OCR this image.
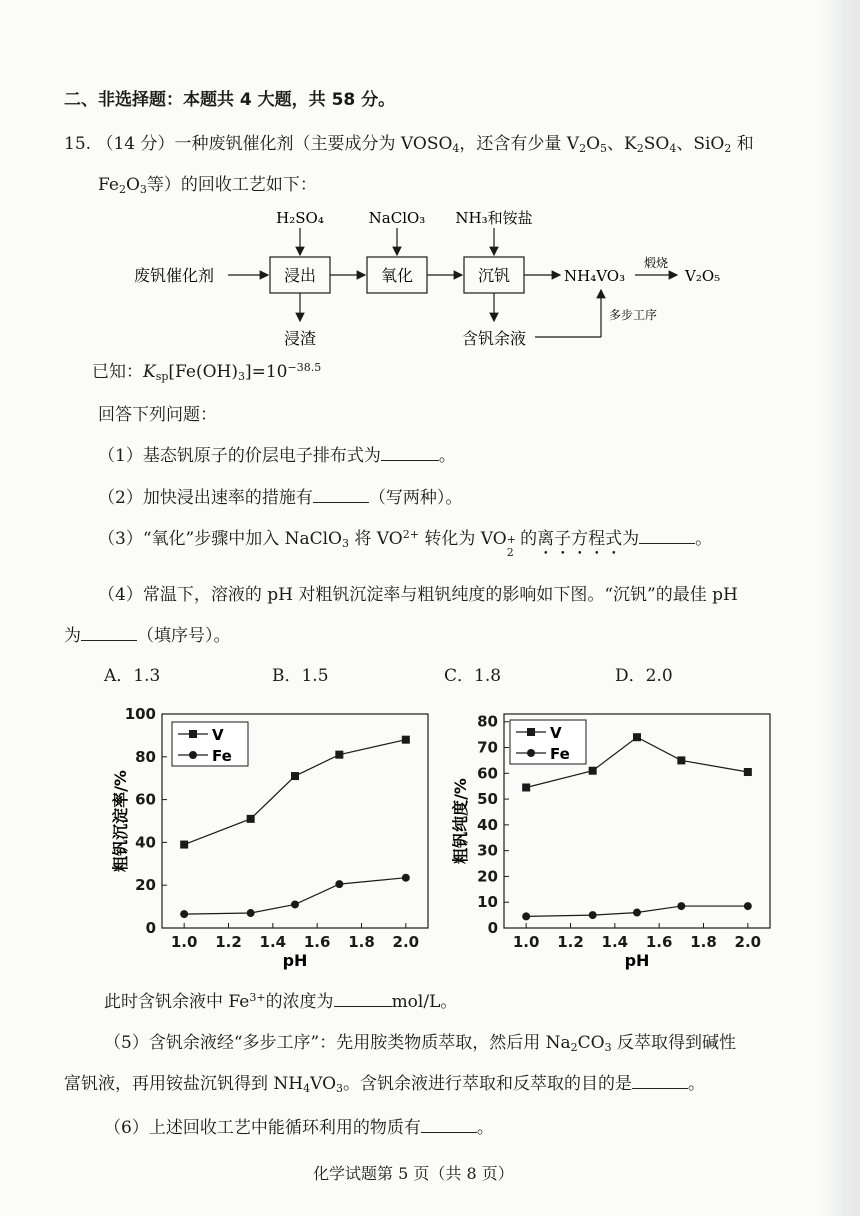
二、非选择题：本题共 4 大题，共 58 分。
15. （14 分）一种废钒催化剂（主要成分为 $VOSO_4$，还含有少量 $V_2O_5$、$K_2SO_4$、SiO$_2$ 和
$Fe_2O_3$等）的回收工艺如下：
废钒催化剂	浸出	氧化	沉钒
H₂SO₄	NaClO₃ NH₃和铵盐
浸渣	含钒余液
NH₄VO₃
煅烧
V₂O₅
多步工序
已知：$K_{sp}[Fe(OH)_3]=10^{-38.5}$
回答下列问题：
（1）基态钒原子的价层电子排布式为	。
（2）加快浸出速率的措施有	（写两种）。
（3）“氧化”步骤中加入 NaClO$_3$ 将 $VO^{2+}$ 转化为 VO +
2
的离子方程式为	。
（4）常温下，溶液的 pH 对粗钒沉淀率与粗钒纯度的影响如下图。“沉钒”的最佳 pH
为	（填序号）。
A．1.3	B．1.5	C．1.8	D．2.0
1.0 1.2 1.4 1.6 1.8 2.0
0
20
40
60
80
100
V
Fe
pH
粗钒沉淀率/%
1.0 1.2 1.4 1.6 1.8 2.0
0
10
20
30
40
50
60
70
80
V
Fe
pH
粗钒纯度/%
此时含钒余液中 $Fe^{3+}$的浓度为	mol/L。
（5）含钒余液经“多步工序”：先用胺类物质萃取，然后用 $Na_2CO_3$ 反萃取得到碱性
富钒液，再用铵盐沉钒得到 $NH_4VO_3$。含钒余液进行萃取和反萃取的目的是	。
（6）上述回收工艺中能循环利用的物质有	。
化学试题第 5 页（共 8 页）
